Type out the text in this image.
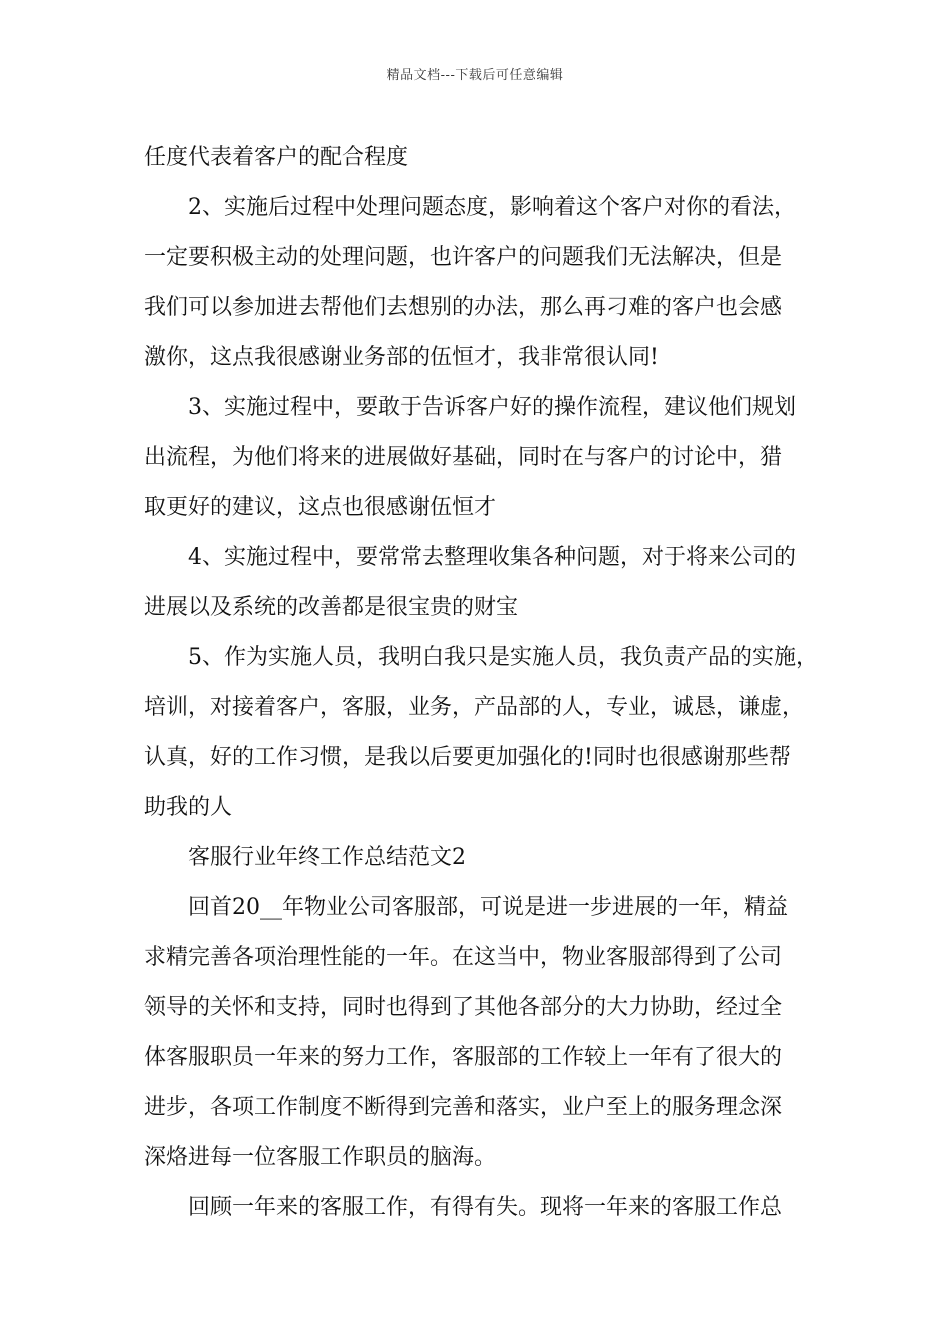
精品文档---下载后可任意编辑
任度代表着客户的配合程度
2、实施后过程中处理问题态度，影响着这个客户对你的看法，
一定要积极主动的处理问题，也许客户的问题我们无法解决，但是
我们可以参加进去帮他们去想别的办法，那么再刁难的客户也会感
激你，这点我很感谢业务部的伍恒才，我非常很认同!
3、实施过程中，要敢于告诉客户好的操作流程，建议他们规划
出流程，为他们将来的进展做好基础，同时在与客户的讨论中，猎
取更好的建议，这点也很感谢伍恒才
4、实施过程中，要常常去整理收集各种问题，对于将来公司的
进展以及系统的改善都是很宝贵的财宝
5、作为实施人员，我明白我只是实施人员，我负责产品的实施，
培训，对接着客户，客服，业务，产品部的人，专业，诚恳，谦虚，
认真，好的工作习惯，是我以后要更加强化的!同时也很感谢那些帮
助我的人
客服行业年终工作总结范文2
回首20__年物业公司客服部，可说是进一步进展的一年，精益
求精完善各项治理性能的一年。在这当中，物业客服部得到了公司
领导的关怀和支持，同时也得到了其他各部分的大力协助，经过全
体客服职员一年来的努力工作，客服部的工作较上一年有了很大的
进步，各项工作制度不断得到完善和落实，业户至上的服务理念深
深烙进每一位客服工作职员的脑海。
回顾一年来的客服工作，有得有失。现将一年来的客服工作总
